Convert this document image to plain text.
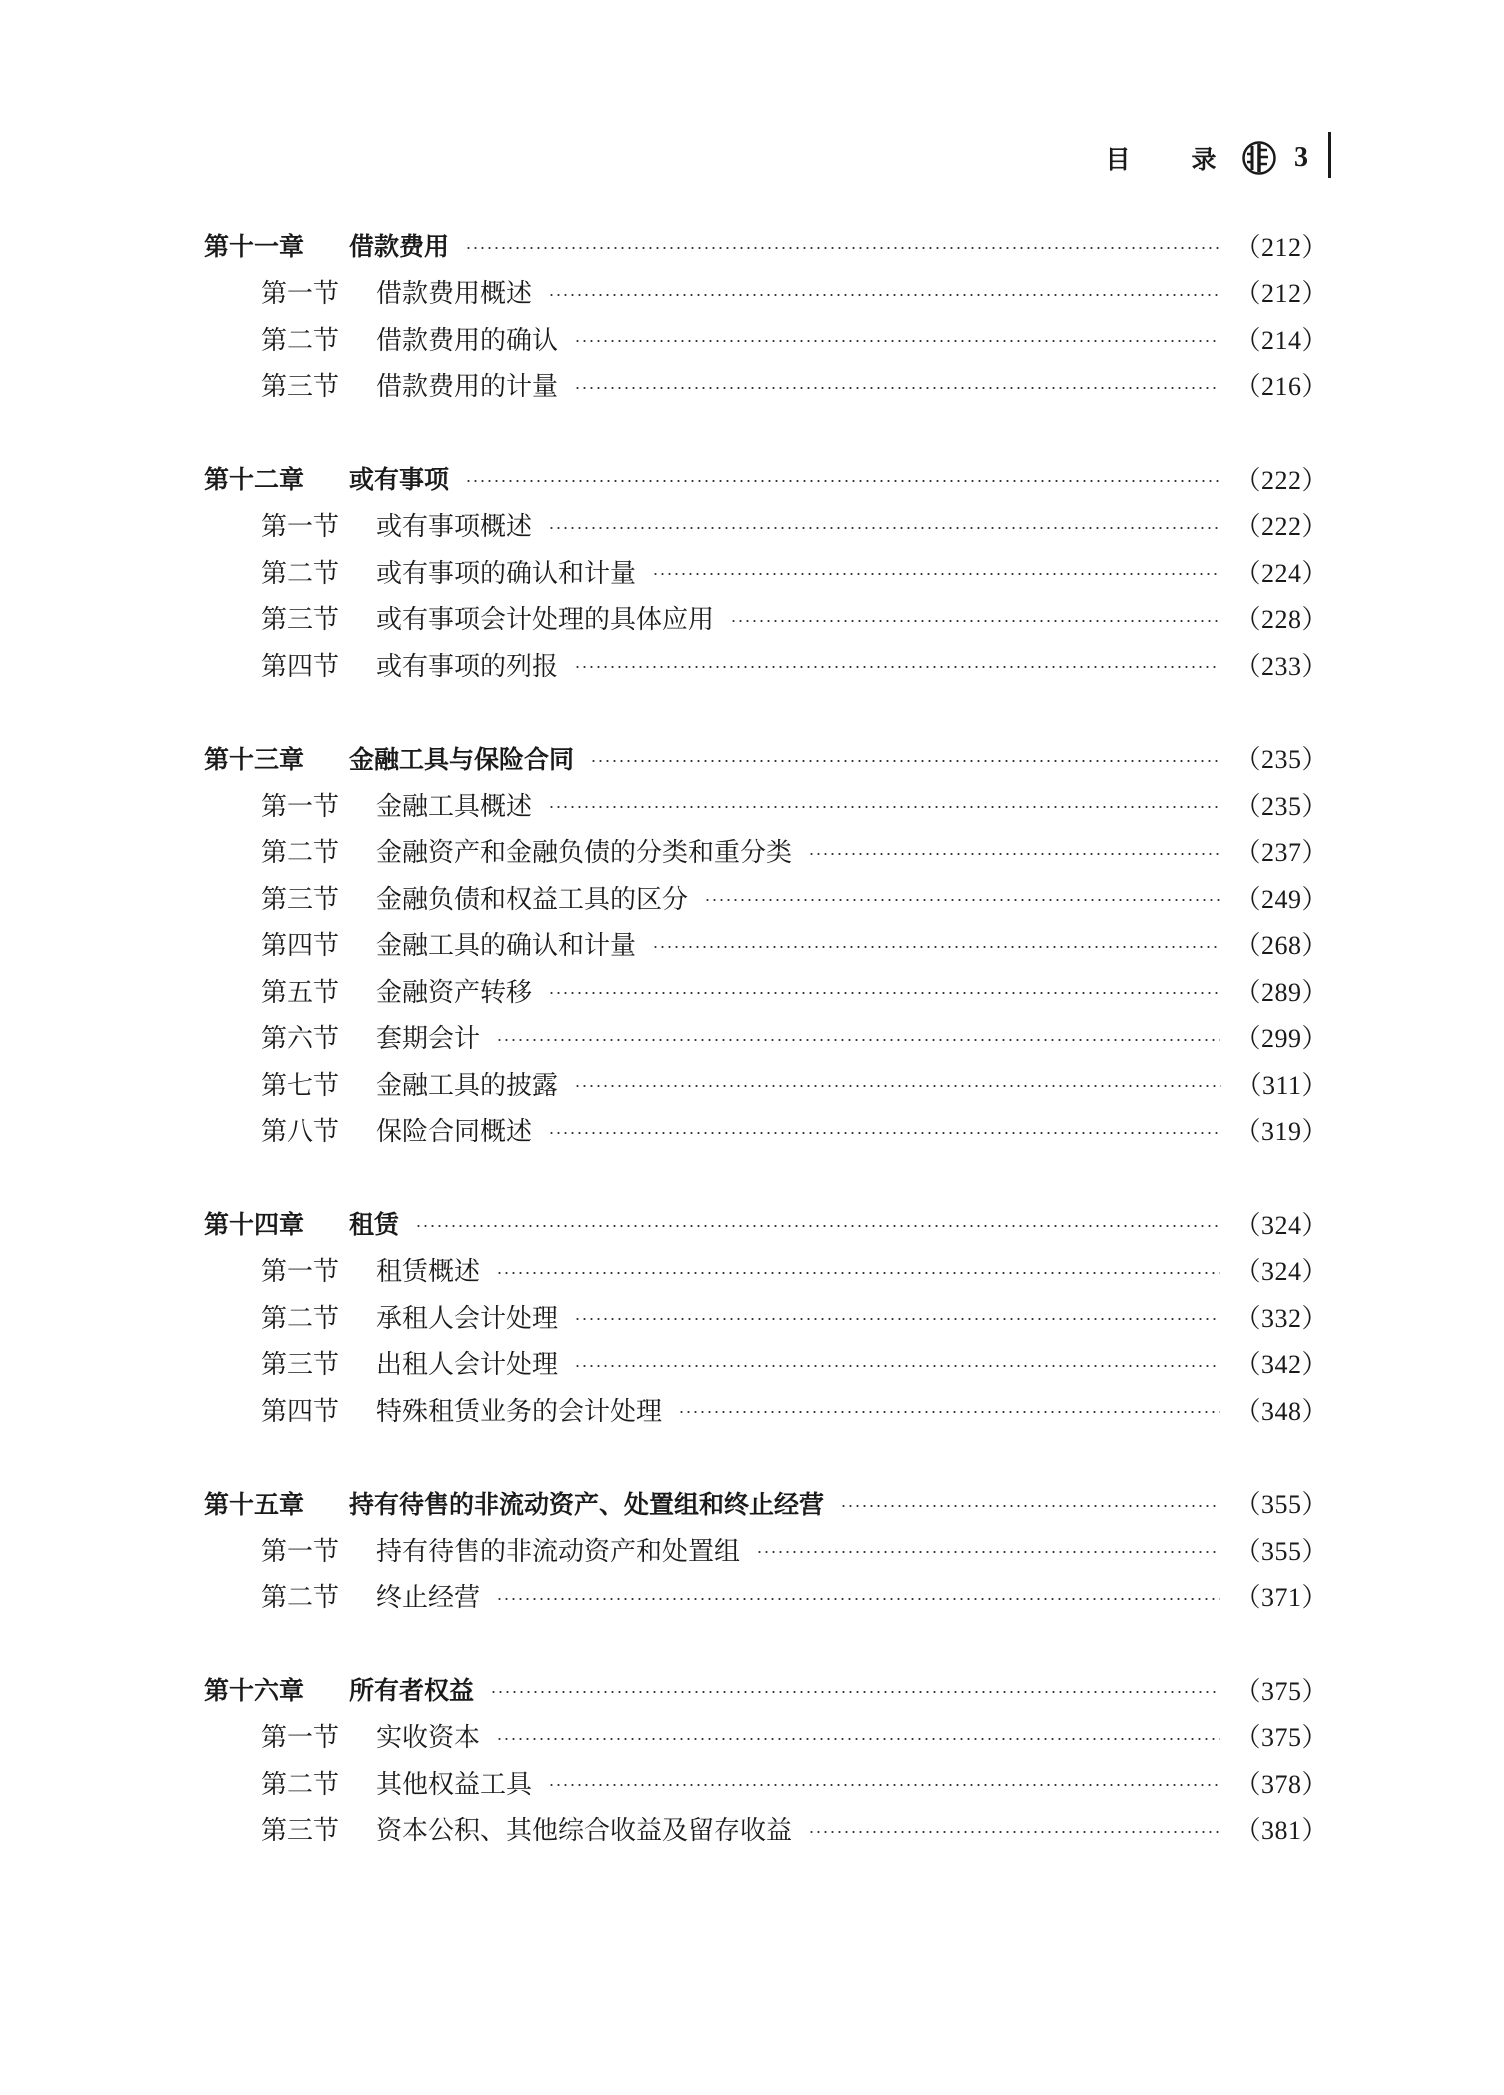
目	录	3
第十一章	借款费用	（212）
第一节	借款费用概述	（212）
第二节	借款费用的确认	（214）
第三节	借款费用的计量	（216）
第十二章	或有事项	（222）
第一节	或有事项概述	（222）
第二节	或有事项的确认和计量	（224）
第三节	或有事项会计处理的具体应用	（228）
第四节	或有事项的列报	（233）
第十三章	金融工具与保险合同	（235）
第一节	金融工具概述	（235）
第二节	金融资产和金融负债的分类和重分类	（237）
第三节	金融负债和权益工具的区分	（249）
第四节	金融工具的确认和计量	（268）
第五节	金融资产转移	（289）
第六节	套期会计	（299）
第七节	金融工具的披露	（311）
第八节	保险合同概述	（319）
第十四章	租赁	（324）
第一节	租赁概述	（324）
第二节	承租人会计处理	（332）
第三节	出租人会计处理	（342）
第四节	特殊租赁业务的会计处理	（348）
第十五章	持有待售的非流动资产、处置组和终止经营	（355）
第一节	持有待售的非流动资产和处置组	（355）
第二节	终止经营	（371）
第十六章	所有者权益	（375）
第一节	实收资本	（375）
第二节	其他权益工具	（378）
第三节	资本公积、其他综合收益及留存收益	（381）
